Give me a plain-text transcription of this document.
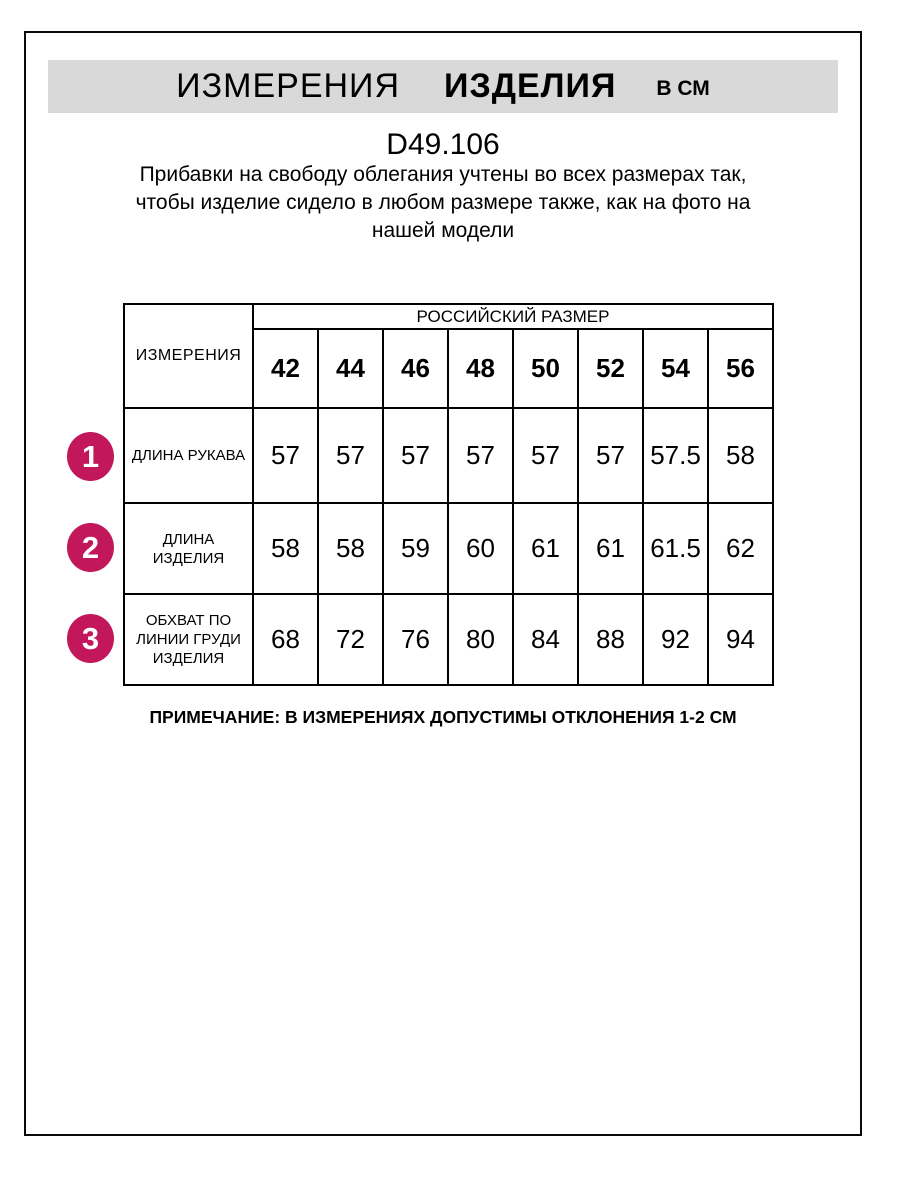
ИЗМЕРЕНИЯ ИЗДЕЛИЯ В СМ
D49.106
Прибавки на свободу облегания учтены во всех размерах так, чтобы изделие сидело в любом размере также, как на фото на нашей модели
ИЗМЕРЕНИЯ	РОССИЙСКИЙ РАЗМЕР							
	42	44	46	48	50	52	54	56
ДЛИНА РУКАВА	57	57	57	57	57	57	57.5	58
ДЛИНА ИЗДЕЛИЯ	58	58	59	60	61	61	61.5	62
ОБХВАТ ПО ЛИНИИ ГРУДИ ИЗДЕЛИЯ	68	72	76	80	84	88	92	94
1
2
3
ПРИМЕЧАНИЕ: В ИЗМЕРЕНИЯХ ДОПУСТИМЫ ОТКЛОНЕНИЯ 1-2 СМ
